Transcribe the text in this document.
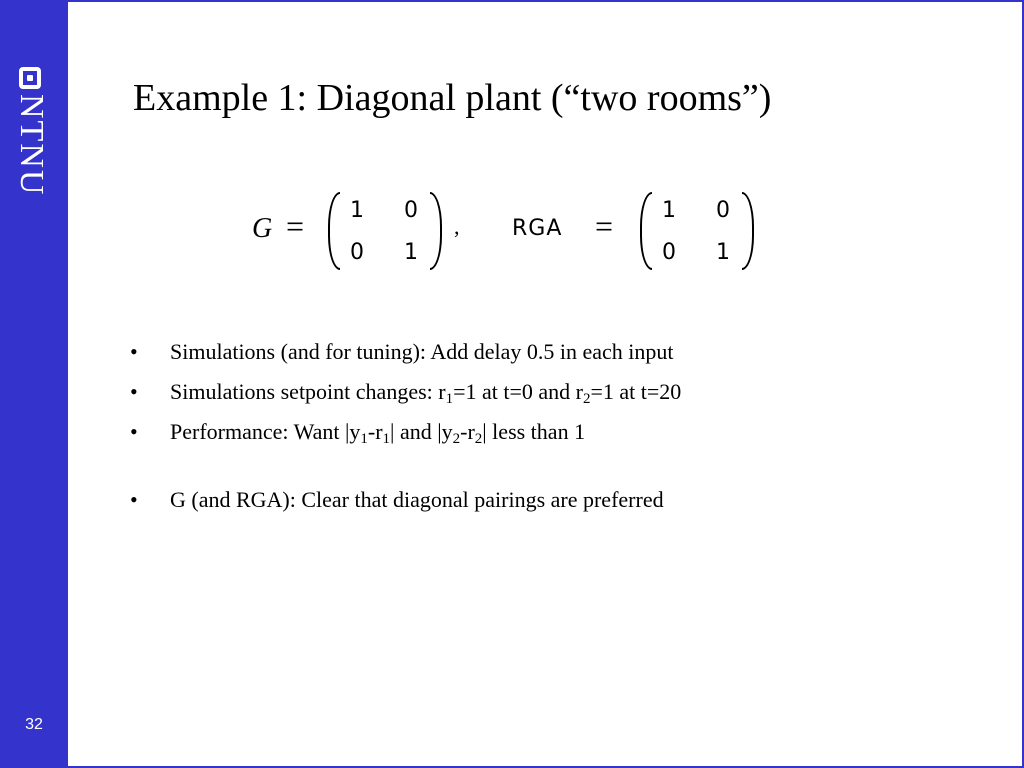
NTNU
32
Example 1: Diagonal plant (“two rooms”)
G = 1 0
0 1
, RGA = 1 0
0 1
• Simulations (and for tuning): Add delay 0.5 in each input
• Simulations setpoint changes: $r_1=1$ at t=0 and $r_2=1$ at t=20
• Performance: Want $|y_1-r_1|$ and $|y_2-r_2|$ less than 1
• G (and RGA): Clear that diagonal pairings are preferred
